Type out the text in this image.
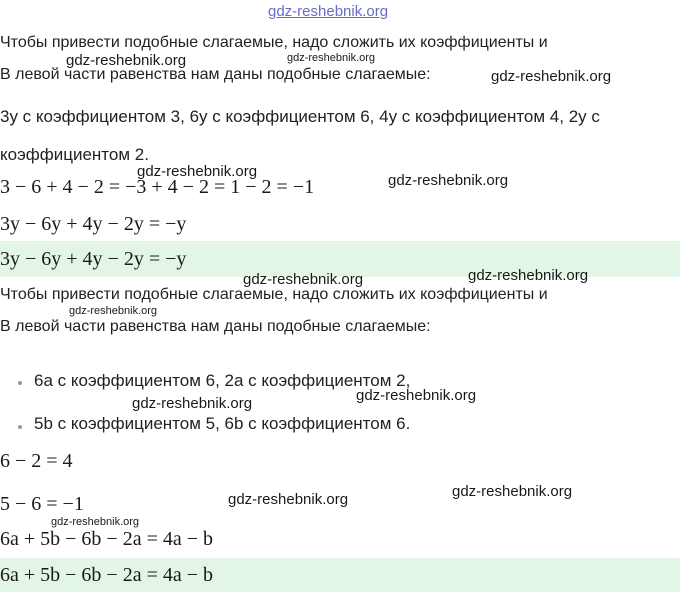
gdz-reshebnik.org
Чтобы привести подобные слагаемые, надо сложить их коэффициенты и
В левой части равенства нам даны подобные слагаемые:
3y с коэффициентом 3, 6y с коэффициентом 6, 4y с коэффициентом 4, 2y с
коэффициентом 2.
3 − 6 + 4 − 2 = −3 + 4 − 2 = 1 − 2 = −1
3y − 6y + 4y − 2y = −y
3y − 6y + 4y − 2y = −y
Чтобы привести подобные слагаемые, надо сложить их коэффициенты и
В левой части равенства нам даны подобные слагаемые:
6a с коэффициентом 6, 2a с коэффициентом 2,
5b с коэффициентом 5, 6b с коэффициентом 6.
6 − 2 = 4
5 − 6 = −1
6a + 5b − 6b − 2a = 4a − b
6a + 5b − 6b − 2a = 4a − b
gdz-reshebnik.org	gdz-reshebnik.org
gdz-reshebnik.org
gdz-reshebnik.org
gdz-reshebnik.org
gdz-reshebnik.org	gdz-reshebnik.org
gdz-reshebnik.org
gdz-reshebnik.org	gdz-reshebnik.org
gdz-reshebnik.org	gdz-reshebnik.org
gdz-reshebnik.org
